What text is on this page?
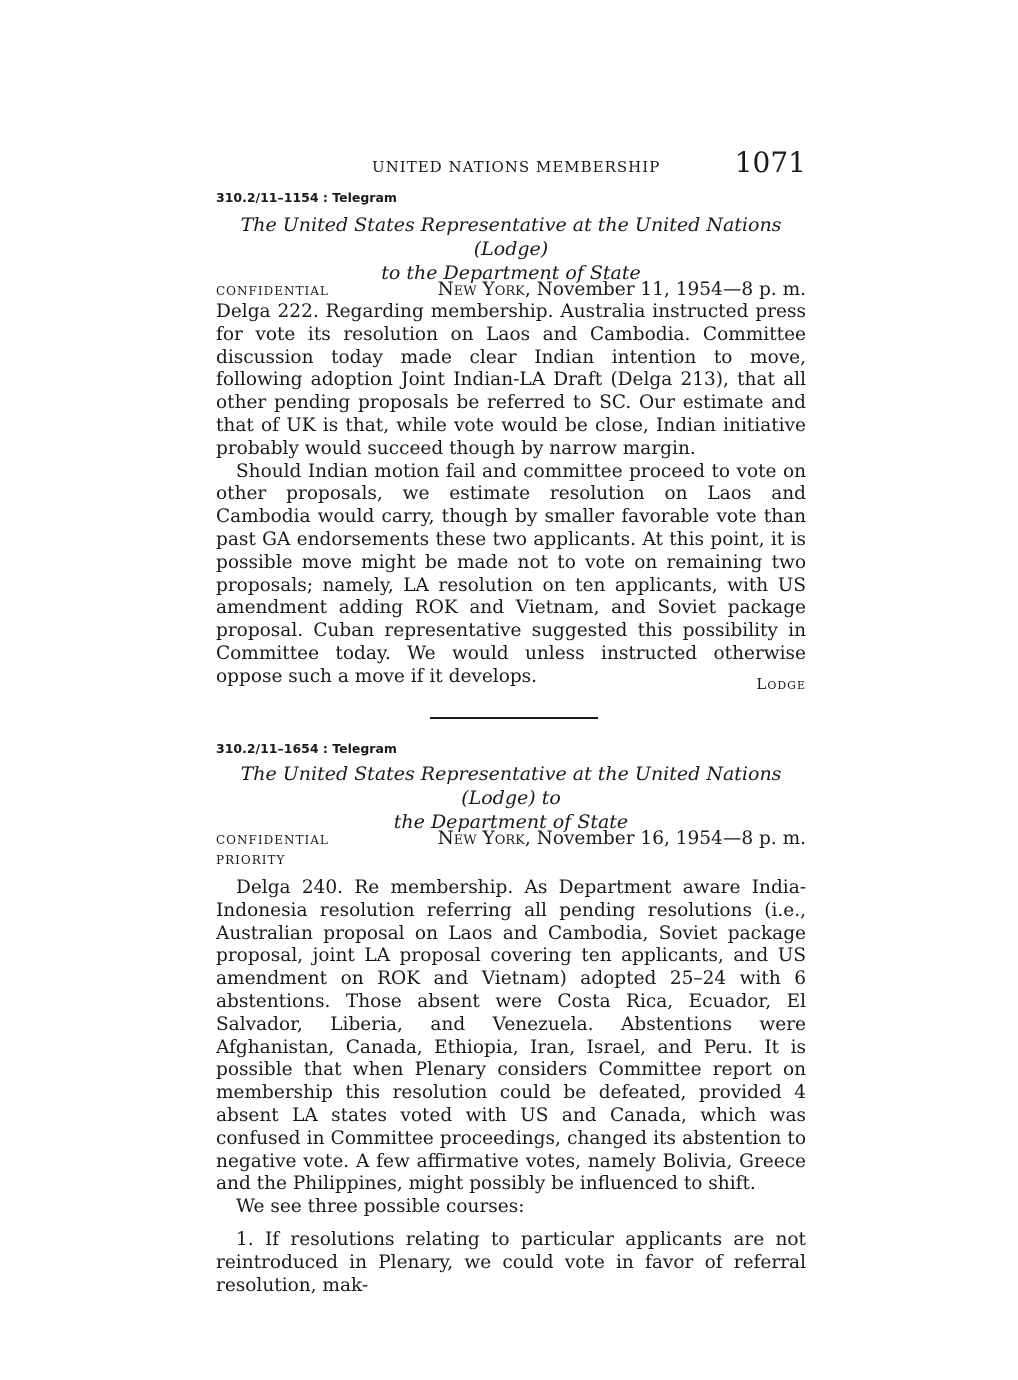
UNITED NATIONS MEMBERSHIP	1071
310.2/11–1154 : Telegram
The United States Representative at the United Nations (Lodge)
to the Department of State
CONFIDENTIAL	New York, November 11, 1954—8 p. m.

Delga 222. Regarding membership. Australia instructed press for vote its resolution on Laos and Cambodia. Committee discussion today made clear Indian intention to move, following adoption Joint Indian-LA Draft (Delga 213), that all other pending proposals be referred to SC. Our estimate and that of UK is that, while vote would be close, Indian initiative probably would succeed though by narrow margin.

Should Indian motion fail and committee proceed to vote on other proposals, we estimate resolution on Laos and Cambodia would carry, though by smaller favorable vote than past GA endorsements these two applicants. At this point, it is possible move might be made not to vote on remaining two proposals; namely, LA resolution on ten applicants, with US amendment adding ROK and Vietnam, and Soviet package proposal. Cuban representative suggested this possibility in Committee today. We would unless instructed otherwise oppose such a move if it develops.	Lodge
310.2/11–1654 : Telegram
The United States Representative at the United Nations (Lodge) to
the Department of State
CONFIDENTIAL
PRIORITY
New York, November 16, 1954—8 p. m.

Delga 240. Re membership. As Department aware India-Indonesia resolution referring all pending resolutions (i.e., Australian proposal on Laos and Cambodia, Soviet package proposal, joint LA proposal covering ten applicants, and US amendment on ROK and Vietnam) adopted 25–24 with 6 abstentions. Those absent were Costa Rica, Ecuador, El Salvador, Liberia, and Venezuela. Abstentions were Afghanistan, Canada, Ethiopia, Iran, Israel, and Peru. It is possible that when Plenary considers Committee report on membership this resolution could be defeated, provided 4 absent LA states voted with US and Canada, which was confused in Committee proceedings, changed its abstention to negative vote. A few affirmative votes, namely Bolivia, Greece and the Philippines, might possibly be influenced to shift.

We see three possible courses:

1. If resolutions relating to particular applicants are not reintroduced in Plenary, we could vote in favor of referral resolution, mak-
